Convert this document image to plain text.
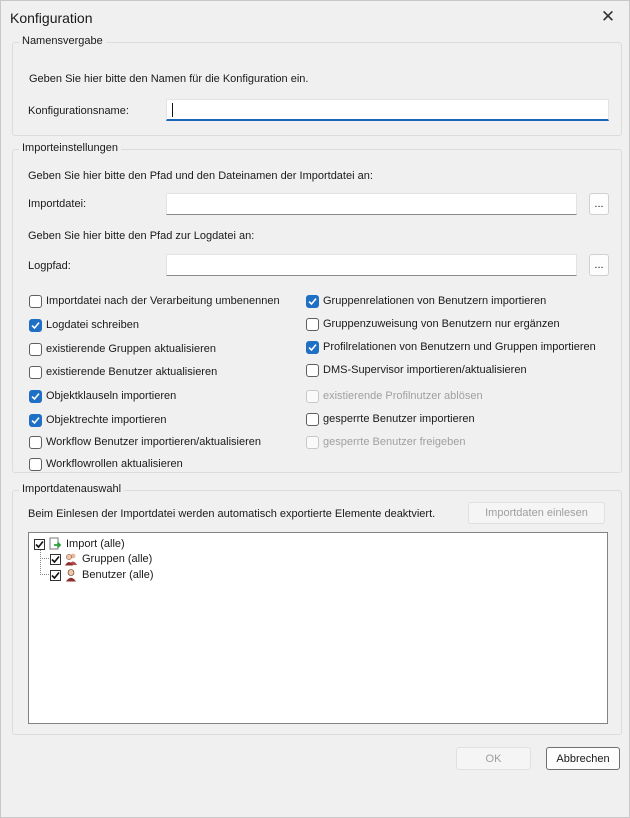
Konfiguration	✕
Namensvergabe
Geben Sie hier bitte den Namen für die Konfiguration ein.
Konfigurationsname:
Importeinstellungen
Geben Sie hier bitte den Pfad und den Dateinamen der Importdatei an:
Importdatei:	...
Geben Sie hier bitte den Pfad zur Logdatei an:
Logpfad:	...
Importdatei nach der Verarbeitung umbenennen
Logdatei schreiben
existierende Gruppen aktualisieren
existierende Benutzer aktualisieren
Objektklauseln importieren
Objektrechte importieren
Workflow Benutzer importieren/aktualisieren
Workflowrollen aktualisieren
Gruppenrelationen von Benutzern importieren
Gruppenzuweisung von Benutzern nur ergänzen
Profilrelationen von Benutzern und Gruppen importieren
DMS-Supervisor importieren/aktualisieren
existierende Profilnutzer ablösen
gesperrte Benutzer importieren
gesperrte Benutzer freigeben
Importdatenauswahl
Beim Einlesen der Importdatei werden automatisch exportierte Elemente deaktviert.	Importdaten einlesen
Import (alle)
Gruppen (alle)
Benutzer (alle)
OK	Abbrechen
